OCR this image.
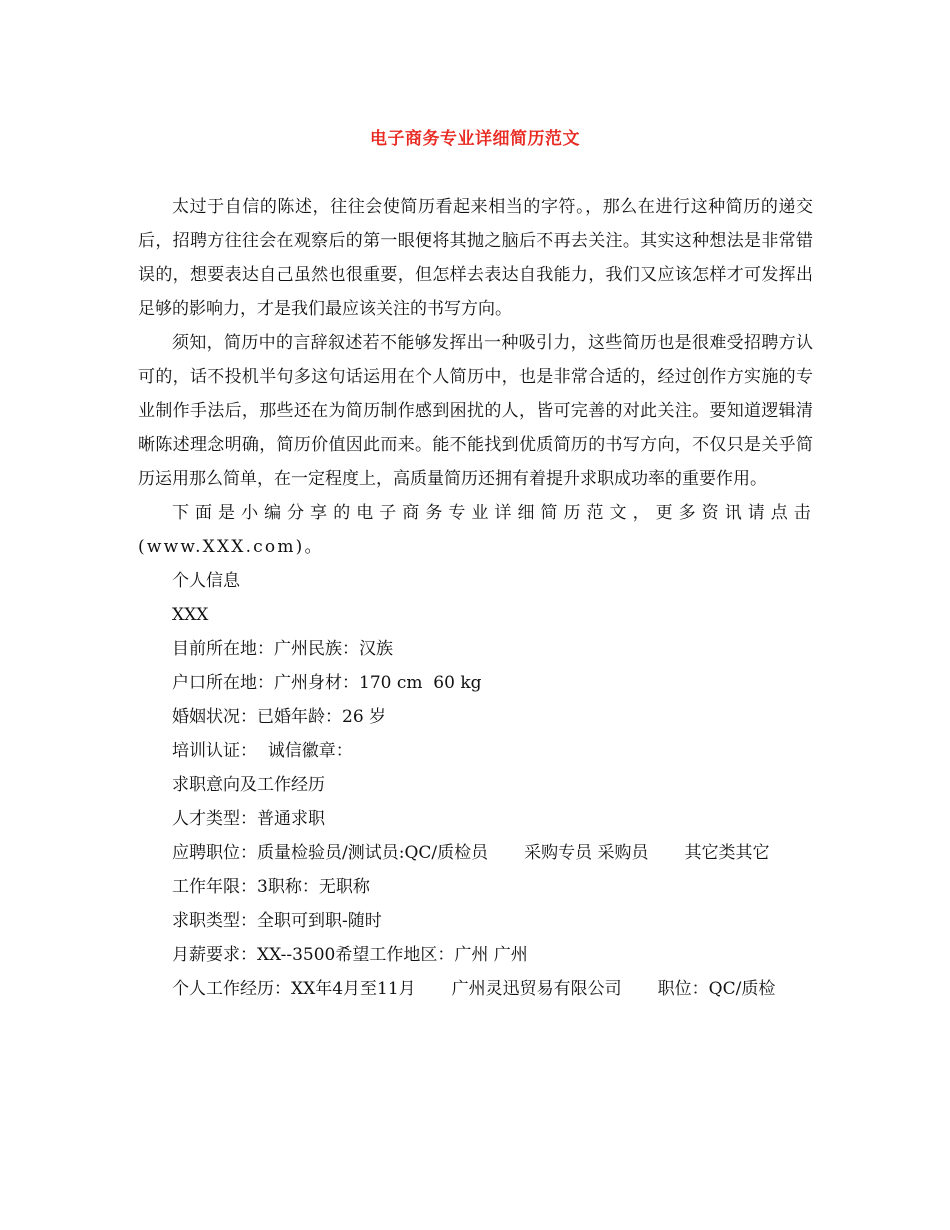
电子商务专业详细简历范文

太过于自信的陈述，往往会使简历看起来相当的字符。，那么在进行这种简历的递交后，招聘方往往会在观察后的第一眼便将其抛之脑后不再去关注。其实这种想法是非常错误的，想要表达自己虽然也很重要，但怎样去表达自我能力，我们又应该怎样才可发挥出足够的影响力，才是我们最应该关注的书写方向。

须知，简历中的言辞叙述若不能够发挥出一种吸引力，这些简历也是很难受招聘方认可的，话不投机半句多这句话运用在个人简历中，也是非常合适的，经过创作方实施的专业制作手法后，那些还在为简历制作感到困扰的人，皆可完善的对此关注。要知道逻辑清晰陈述理念明确，简历价值因此而来。能不能找到优质简历的书写方向，不仅只是关乎简历运用那么简单，在一定程度上，高质量简历还拥有着提升求职成功率的重要作用。

下面是小编分享的电子商务专业详细简历范文，更多资讯请点击(www.XXX.com)。

个人信息

XXX

目前所在地：广州民族：汉族

户口所在地：广州身材：170 cm  60 kg

婚姻状况：已婚年龄：26 岁

培训认证：  诚信徽章：

求职意向及工作经历

人才类型：普通求职

应聘职位：质量检验员/测试员:QC/质检员 采购专员 采购员 其它类其它

工作年限：3职称：无职称

求职类型：全职可到职-随时

月薪要求：XX--3500希望工作地区：广州 广州

个人工作经历：XX年4月至11月 广州灵迅贸易有限公司 职位：QC/质检
